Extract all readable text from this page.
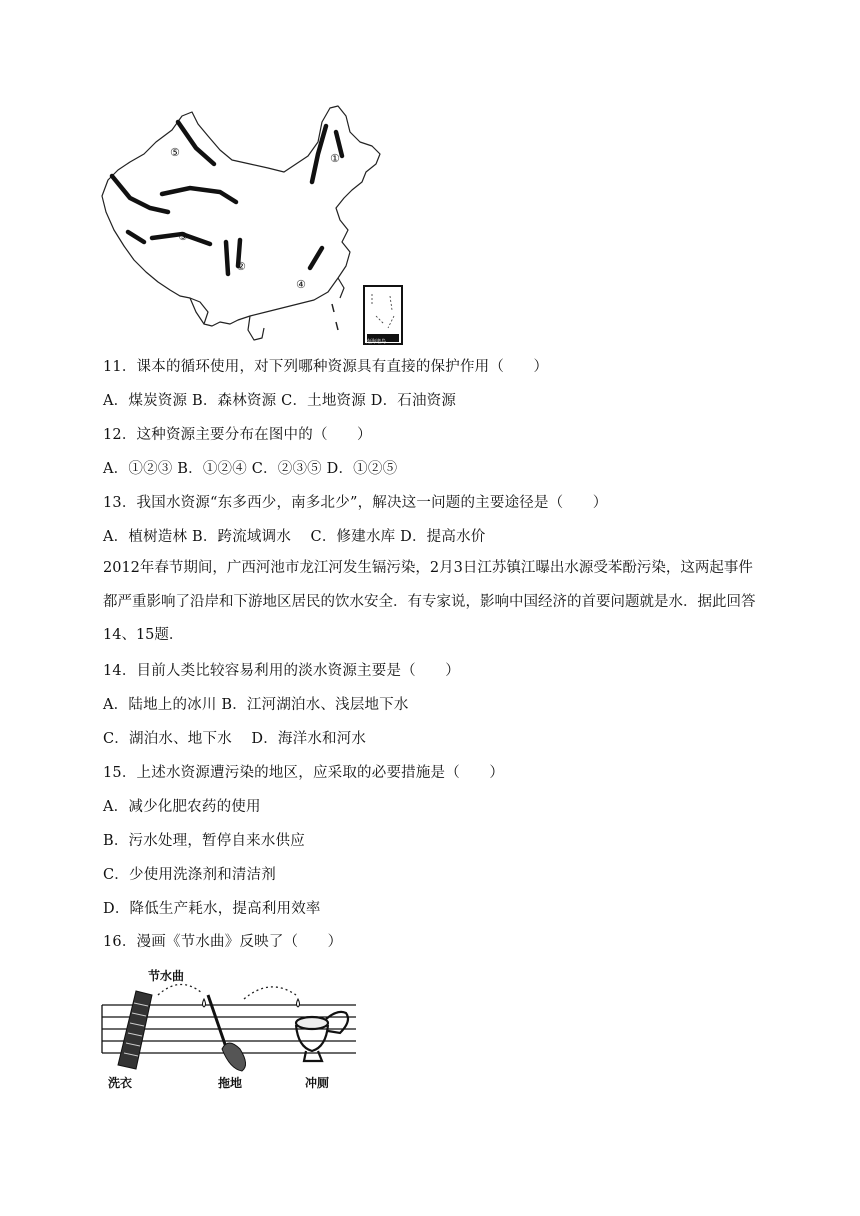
⑤	①
③
②
④
南海诸岛
11．课本的循环使用，对下列哪种资源具有直接的保护作用（　　）
A．煤炭资源 B．森林资源 C．土地资源 D．石油资源
12．这种资源主要分布在图中的（　　）
A．①②③ B．①②④ C．②③⑤ D．①②⑤
13．我国水资源“东多西少，南多北少”，解决这一问题的主要途径是（　　）
A．植树造林 B．跨流域调水　 C．修建水库 D．提高水价
2012年春节期间，广西河池市龙江河发生镉污染，2月3日江苏镇江曝出水源受苯酚污染，这两起事件都严重影响了沿岸和下游地区居民的饮水安全．有专家说，影响中国经济的首要问题就是水．据此回答14、15题．
14．目前人类比较容易利用的淡水资源主要是（　　）
A．陆地上的冰川 B．江河湖泊水、浅层地下水
C．湖泊水、地下水　 D．海洋水和河水
15．上述水资源遭污染的地区，应采取的必要措施是（　　）
A．减少化肥农药的使用
B．污水处理，暂停自来水供应
C．少使用洗涤剂和清洁剂
D．降低生产耗水，提高利用效率
16．漫画《节水曲》反映了（　　）
节水曲
洗衣	拖地	冲厕
